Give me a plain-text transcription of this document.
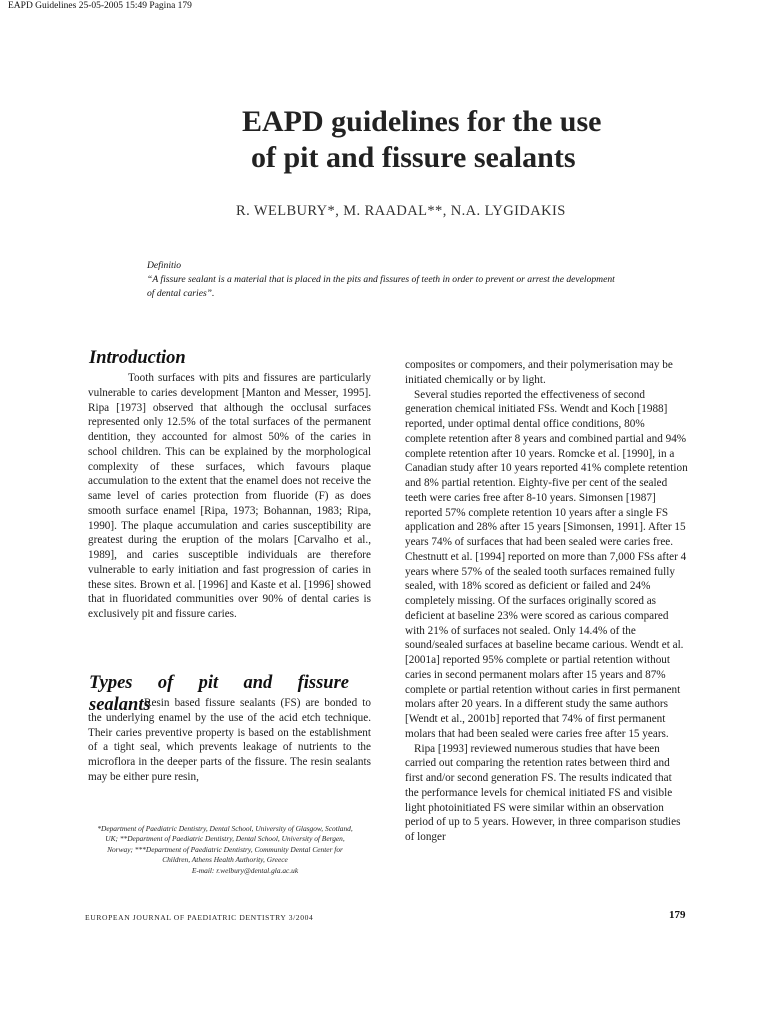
EAPD Guidelines 25-05-2005 15:49 Pagina 179
EAPD guidelines for the use
of pit and fissure sealants
R. WELBURY*, M. RAADAL**, N.A. LYGIDAKIS
Definitio
“A fissure sealant is a material that is placed in the pits and fissures of teeth in order to prevent or arrest the development of dental caries”.
Introduction

Tooth surfaces with pits and fissures are particularly vulnerable to caries development [Manton and Messer, 1995]. Ripa [1973] observed that although the occlusal surfaces represented only 12.5% of the total surfaces of the permanent dentition, they accounted for almost 50% of the caries in school children. This can be explained by the morphological complexity of these surfaces, which favours plaque accumulation to the extent that the enamel does not receive the same level of caries protection from fluoride (F) as does smooth surface enamel [Ripa, 1973; Bohannan, 1983; Ripa, 1990]. The plaque accumulation and caries susceptibility are greatest during the eruption of the molars [Carvalho et al., 1989], and caries susceptible individuals are therefore vulnerable to early initiation and fast progression of caries in these sites. Brown et al. [1996] and Kaste et al. [1996] showed that in fluoridated communities over 90% of dental caries is exclusively pit and fissure caries.

Types of pit and fissure
sealants

Resin based fissure sealants (FS) are bonded to the underlying enamel by the use of the acid etch technique. Their caries preventive property is based on the establishment of a tight seal, which prevents leakage of nutrients to the microflora in the deeper parts of the fissure. The resin sealants may be either pure resin,

composites or compomers, and their polymerisation may be initiated chemically or by light.

Several studies reported the effectiveness of second generation chemical initiated FSs. Wendt and Koch [1988] reported, under optimal dental office conditions, 80% complete retention after 8 years and combined partial and 94% complete retention after 10 years. Romcke et al. [1990], in a Canadian study after 10 years reported 41% complete retention and 8% partial retention. Eighty-five per cent of the sealed teeth were caries free after 8-10 years. Simonsen [1987] reported 57% complete retention 10 years after a single FS application and 28% after 15 years [Simonsen, 1991]. After 15 years 74% of surfaces that had been sealed were caries free. Chestnutt et al. [1994] reported on more than 7,000 FSs after 4 years where 57% of the sealed tooth surfaces remained fully sealed, with 18% scored as deficient or failed and 24% completely missing. Of the surfaces originally scored as deficient at baseline 23% were scored as carious compared with 21% of surfaces not sealed. Only 14.4% of the sound/sealed surfaces at baseline became carious. Wendt et al. [2001a] reported 95% complete or partial retention without caries in second permanent molars after 15 years and 87% complete or partial retention without caries in first permanent molars after 20 years. In a different study the same authors [Wendt et al., 2001b] reported that 74% of first permanent molars that had been sealed were caries free after 15 years.

Ripa [1993] reviewed numerous studies that have been carried out comparing the retention rates between third and first and/or second generation FS. The results indicated that the performance levels for chemical initiated FS and visible light photoinitiated FS were similar within an observation period of up to 5 years. However, in three comparison studies of longer

*Department of Paediatric Dentistry, Dental School, University of Glasgow, Scotland, UK; **Department of Paediatric Dentistry, Dental School, University of Bergen, Norway; ***Department of Paediatric Dentistry, Community Dental Center for Children, Athens Health Authority, Greece
E-mail: r.welbury@dental.gla.ac.uk
EUROPEAN JOURNAL OF PAEDIATRIC DENTISTRY 3/2004	179
